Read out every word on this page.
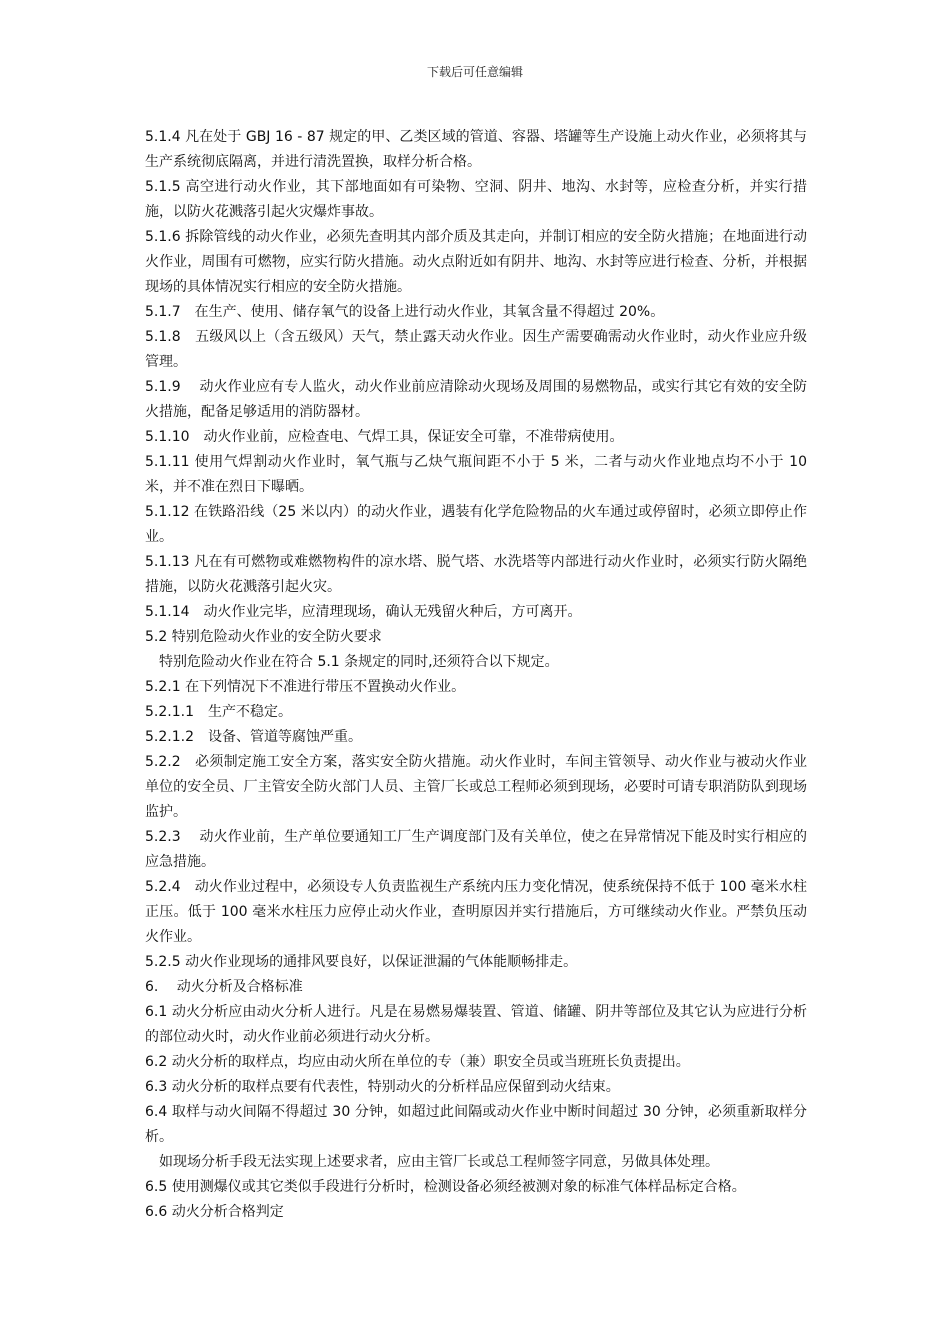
下载后可任意编辑

5.1.4 凡在处于 GBJ 16 - 87 规定的甲、乙类区域的管道、容器、塔罐等生产设施上动火作业，必须将其与生产系统彻底隔离，并进行清洗置换，取样分析合格。

5.1.5 高空进行动火作业，其下部地面如有可染物、空洞、阴井、地沟、水封等，应检查分析，并实行措施，以防火花溅落引起火灾爆炸事故。

5.1.6 拆除管线的动火作业，必须先查明其内部介质及其走向，并制订相应的安全防火措施；在地面进行动火作业，周围有可燃物，应实行防火措施。动火点附近如有阴井、地沟、水封等应进行检查、分析，并根据现场的具体情况实行相应的安全防火措施。

5.1.7　在生产、使用、储存氧气的设备上进行动火作业，其氧含量不得超过 20%。

5.1.8　五级风以上（含五级风）天气，禁止露天动火作业。因生产需要确需动火作业时，动火作业应升级管理。

5.1.9　 动火作业应有专人监火，动火作业前应清除动火现场及周围的易燃物品，或实行其它有效的安全防火措施，配备足够适用的消防器材。

5.1.10　动火作业前，应检查电、气焊工具，保证安全可靠，不准带病使用。

5.1.11 使用气焊割动火作业时，氧气瓶与乙炔气瓶间距不小于 5 米，二者与动火作业地点均不小于 10 米，并不准在烈日下曝晒。

5.1.12 在铁路沿线（25 米以内）的动火作业，遇装有化学危险物品的火车通过或停留时，必须立即停止作业。

5.1.13 凡在有可燃物或难燃物构件的凉水塔、脱气塔、水洗塔等内部进行动火作业时，必须实行防火隔绝措施，以防火花溅落引起火灾。

5.1.14　动火作业完毕，应清理现场，确认无残留火种后，方可离开。

5.2 特别危险动火作业的安全防火要求

特别危险动火作业在符合 5.1 条规定的同时,还须符合以下规定。

5.2.1 在下列情况下不准进行带压不置换动火作业。

5.2.1.1　生产不稳定。

5.2.1.2　设备、管道等腐蚀严重。

5.2.2　必须制定施工安全方案，落实安全防火措施。动火作业时，车间主管领导、动火作业与被动火作业单位的安全员、厂主管安全防火部门人员、主管厂长或总工程师必须到现场，必要时可请专职消防队到现场监护。

5.2.3　 动火作业前，生产单位要通知工厂生产调度部门及有关单位，使之在异常情况下能及时实行相应的应急措施。

5.2.4　动火作业过程中，必须设专人负责监视生产系统内压力变化情况，使系统保持不低于 100 毫米水柱正压。低于 100 毫米水柱压力应停止动火作业，查明原因并实行措施后，方可继续动火作业。严禁负压动火作业。

5.2.5 动火作业现场的通排风要良好，以保证泄漏的气体能顺畅排走。

6.　 动火分析及合格标准

6.1 动火分析应由动火分析人进行。凡是在易燃易爆装置、管道、储罐、阴井等部位及其它认为应进行分析的部位动火时，动火作业前必须进行动火分析。

6.2 动火分析的取样点，均应由动火所在单位的专（兼）职安全员或当班班长负责提出。

6.3 动火分析的取样点要有代表性，特别动火的分析样品应保留到动火结束。

6.4 取样与动火间隔不得超过 30 分钟，如超过此间隔或动火作业中断时间超过 30 分钟，必须重新取样分析。

如现场分析手段无法实现上述要求者，应由主管厂长或总工程师签字同意，另做具体处理。

6.5 使用测爆仪或其它类似手段进行分析时，检测设备必须经被测对象的标准气体样品标定合格。

6.6 动火分析合格判定
